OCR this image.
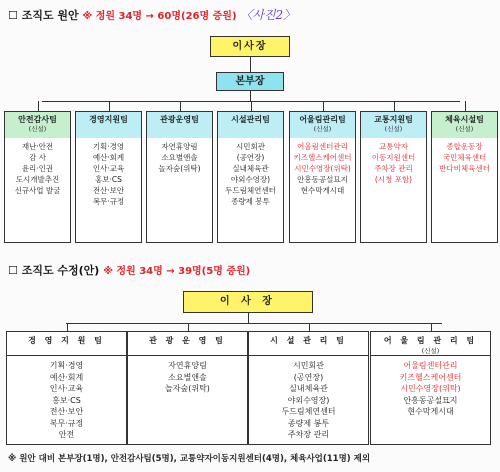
☐ 조직도 원안 ※ 정원 34명 → 60명(26명 증원) 〈사진2〉
이사장
본부장
안전감사팀
(신설)
재난·안전
감 사
윤리·인권
도시개발추진
신규사업 발굴
경영지원팀
기획·경영
예산·회계
인사·교육
홍보·CS
전산·보안
복무·규정
관광운영팀
자연휴양림
소요별앤솔
놀자숲(위탁)
시설관리팀
시민회관
(공연장)
실내체육관
야외수영장)
두드림체연센터
종량제 봉투
어울림관리팀
(신설)
어울림센터관리
키즈헬스케어센터
시민수영장(위탁)
안흥동공설묘지
현수막게시대
교통지원팀
(신설)
교통약자
이동지원센터
주차장 관리
(시청 포함)
체육시설팀
(신설)
종합운동장
국민체육센터
반다비체육센터
☐ 조직도 수정(안) ※ 정원 34명 → 39명(5명 증원)
이 사 장
경 영 지 원 팀
기획·경영
예산·회계
인사·교육
홍보·CS
전산·보안
복무·규정
안전
관 광 운 영 팀
자연휴양림
소요별앤솔
놀자숲(위탁)
시 설 관 리 팀
시민회관
(공연장)
실내체육관
야외수영장)
두드림체연센터
종량제 봉투
주차장 관리
어 울 림 관 리 팀
(신설)
어울림센터관리
키즈헬스케어센터
시민수영장(위탁)
안흥동공설묘지
현수막게시대
※ 원안 대비 본부장(1명), 안전감사팀(5명), 교통약자이동지원센터(4명), 체육사업(11명) 제외
